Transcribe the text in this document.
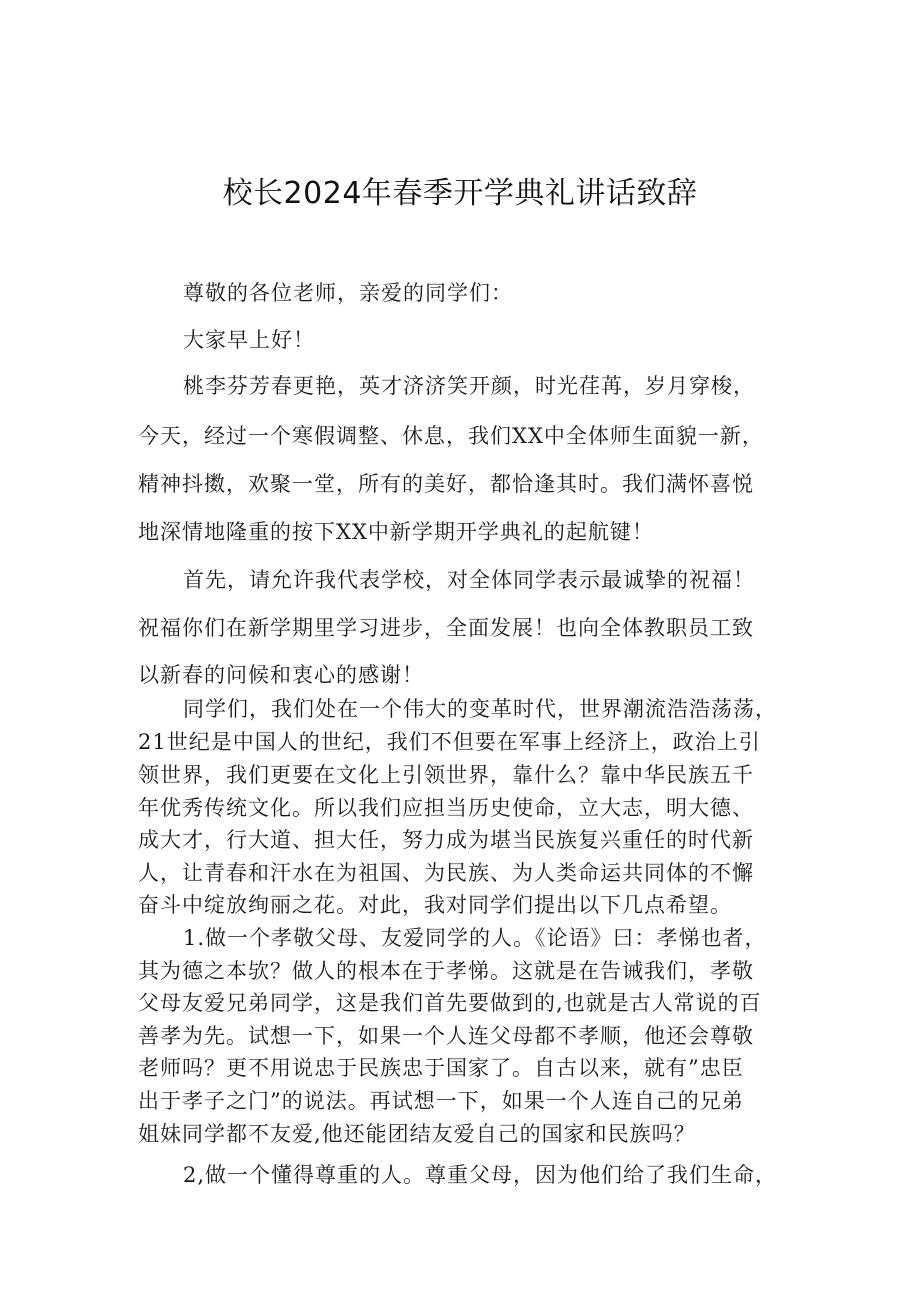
校长2024年春季开学典礼讲话致辞
尊敬的各位老师，亲爱的同学们：
大家早上好！
桃李芬芳春更艳，英才济济笑开颜，时光荏苒，岁月穿梭，
今天，经过一个寒假调整、休息，我们XX中全体师生面貌一新，
精神抖擞，欢聚一堂，所有的美好，都恰逢其时。我们满怀喜悦
地深情地隆重的按下XX中新学期开学典礼的起航键！
首先，请允许我代表学校，对全体同学表示最诚挚的祝福！
祝福你们在新学期里学习进步，全面发展！也向全体教职员工致
以新春的问候和衷心的感谢！
同学们，我们处在一个伟大的变革时代，世界潮流浩浩荡荡，
21世纪是中国人的世纪，我们不但要在军事上经济上，政治上引
领世界，我们更要在文化上引领世界，靠什么？靠中华民族五千
年优秀传统文化。所以我们应担当历史使命，立大志，明大德、
成大才，行大道、担大任，努力成为堪当民族复兴重任的时代新
人，让青春和汗水在为祖国、为民族、为人类命运共同体的不懈
奋斗中绽放绚丽之花。对此，我对同学们提出以下几点希望。
1.做一个孝敬父母、友爱同学的人。《论语》曰：孝悌也者，
其为德之本欤？做人的根本在于孝悌。这就是在告诫我们，孝敬
父母友爱兄弟同学，这是我们首先要做到的,也就是古人常说的百
善孝为先。试想一下，如果一个人连父母都不孝顺，他还会尊敬
老师吗？更不用说忠于民族忠于国家了。自古以来，就有”忠臣
出于孝子之门”的说法。再试想一下，如果一个人连自己的兄弟
姐妹同学都不友爱,他还能团结友爱自己的国家和民族吗？
2,做一个懂得尊重的人。尊重父母，因为他们给了我们生命，
